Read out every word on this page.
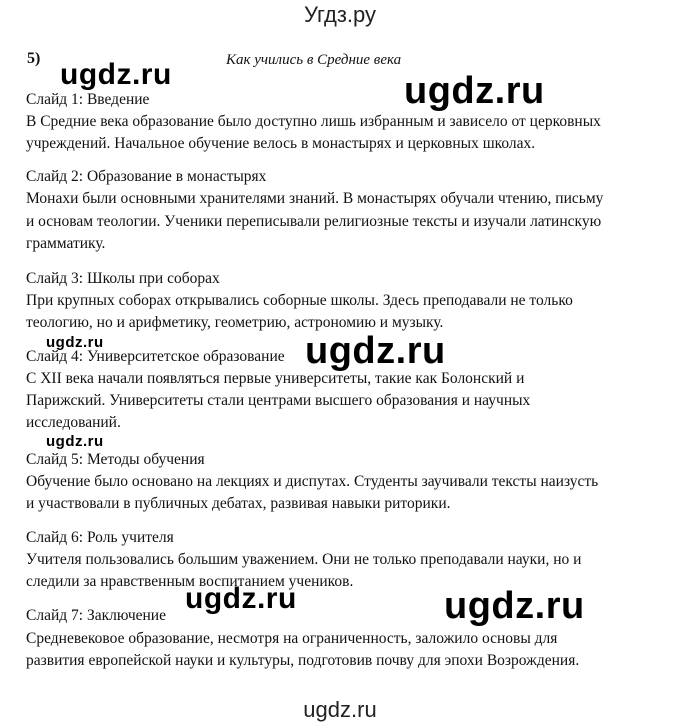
Угдз.ру
5)	Как учились в Средние века
Слайд 1: Введение
В Средние века образование было доступно лишь избранным и зависело от церковных
учреждений. Начальное обучение велось в монастырях и церковных школах.
Слайд 2: Образование в монастырях
Монахи были основными хранителями знаний. В монастырях обучали чтению, письму
и основам теологии. Ученики переписывали религиозные тексты и изучали латинскую
грамматику.
Слайд 3: Школы при соборах
При крупных соборах открывались соборные школы. Здесь преподавали не только
теологию, но и арифметику, геометрию, астрономию и музыку.
Слайд 4: Университетское образование
С XII века начали появляться первые университеты, такие как Болонский и
Парижский. Университеты стали центрами высшего образования и научных
исследований.
Слайд 5: Методы обучения
Обучение было основано на лекциях и диспутах. Студенты заучивали тексты наизусть
и участвовали в публичных дебатах, развивая навыки риторики.
Слайд 6: Роль учителя
Учителя пользовались большим уважением. Они не только преподавали науки, но и
следили за нравственным воспитанием учеников.
Слайд 7: Заключение
Средневековое образование, несмотря на ограниченность, заложило основы для
развития европейской науки и культуры, подготовив почву для эпохи Возрождения.
ugdz.ru	ugdz.ru
ugdz.ru	ugdz.ru
ugdz.ru
ugdz.ru	ugdz.ru
ugdz.ru
